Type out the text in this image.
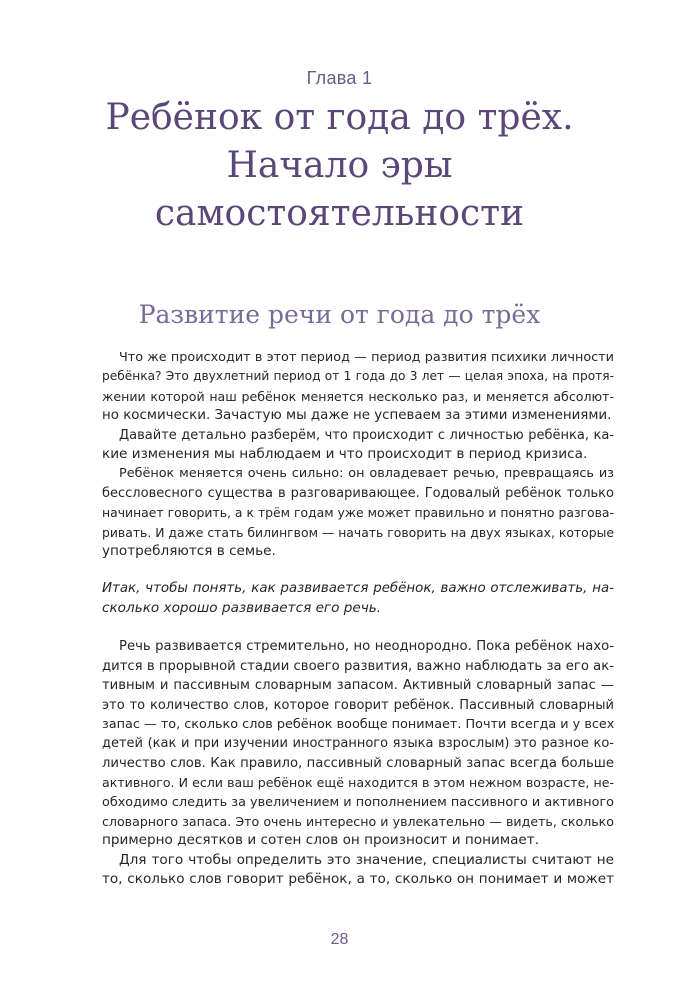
Глава 1
Ребёнок от года до трёх.
Начало эры
самостоятельности
Развитие речи от года до трёх
Что же происходит в этот период — период развития психики личности
ребёнка? Это двухлетний период от 1 года до 3 лет — целая эпоха, на протя-
жении которой наш ребёнок меняется несколько раз, и меняется абсолют-
но космически. Зачастую мы даже не успеваем за этими изменениями.
Давайте детально разберём, что происходит с личностью ребёнка, ка-
кие изменения мы наблюдаем и что происходит в период кризиса.
Ребёнок меняется очень сильно: он овладевает речью, превращаясь из
бессловесного существа в разговаривающее. Годовалый ребёнок только
начинает говорить, а к трём годам уже может правильно и понятно разгова-
ривать. И даже стать билингвом — начать говорить на двух языках, которые
употребляются в семье.
Итак, чтобы понять, как развивается ребёнок, важно отслеживать, на-
сколько хорошо развивается его речь.
Речь развивается стремительно, но неоднородно. Пока ребёнок нахо-
дится в прорывной стадии своего развития, важно наблюдать за его ак-
тивным и пассивным словарным запасом. Активный словарный запас —
это то количество слов, которое говорит ребёнок. Пассивный словарный
запас — то, сколько слов ребёнок вообще понимает. Почти всегда и у всех
детей (как и при изучении иностранного языка взрослым) это разное ко-
личество слов. Как правило, пассивный словарный запас всегда больше
активного. И если ваш ребёнок ещё находится в этом нежном возрасте, не-
обходимо следить за увеличением и пополнением пассивного и активного
словарного запаса. Это очень интересно и увлекательно — видеть, сколько
примерно десятков и сотен слов он произносит и понимает.
Для того чтобы определить это значение, специалисты считают не
то, сколько слов говорит ребёнок, а то, сколько он понимает и может
28
